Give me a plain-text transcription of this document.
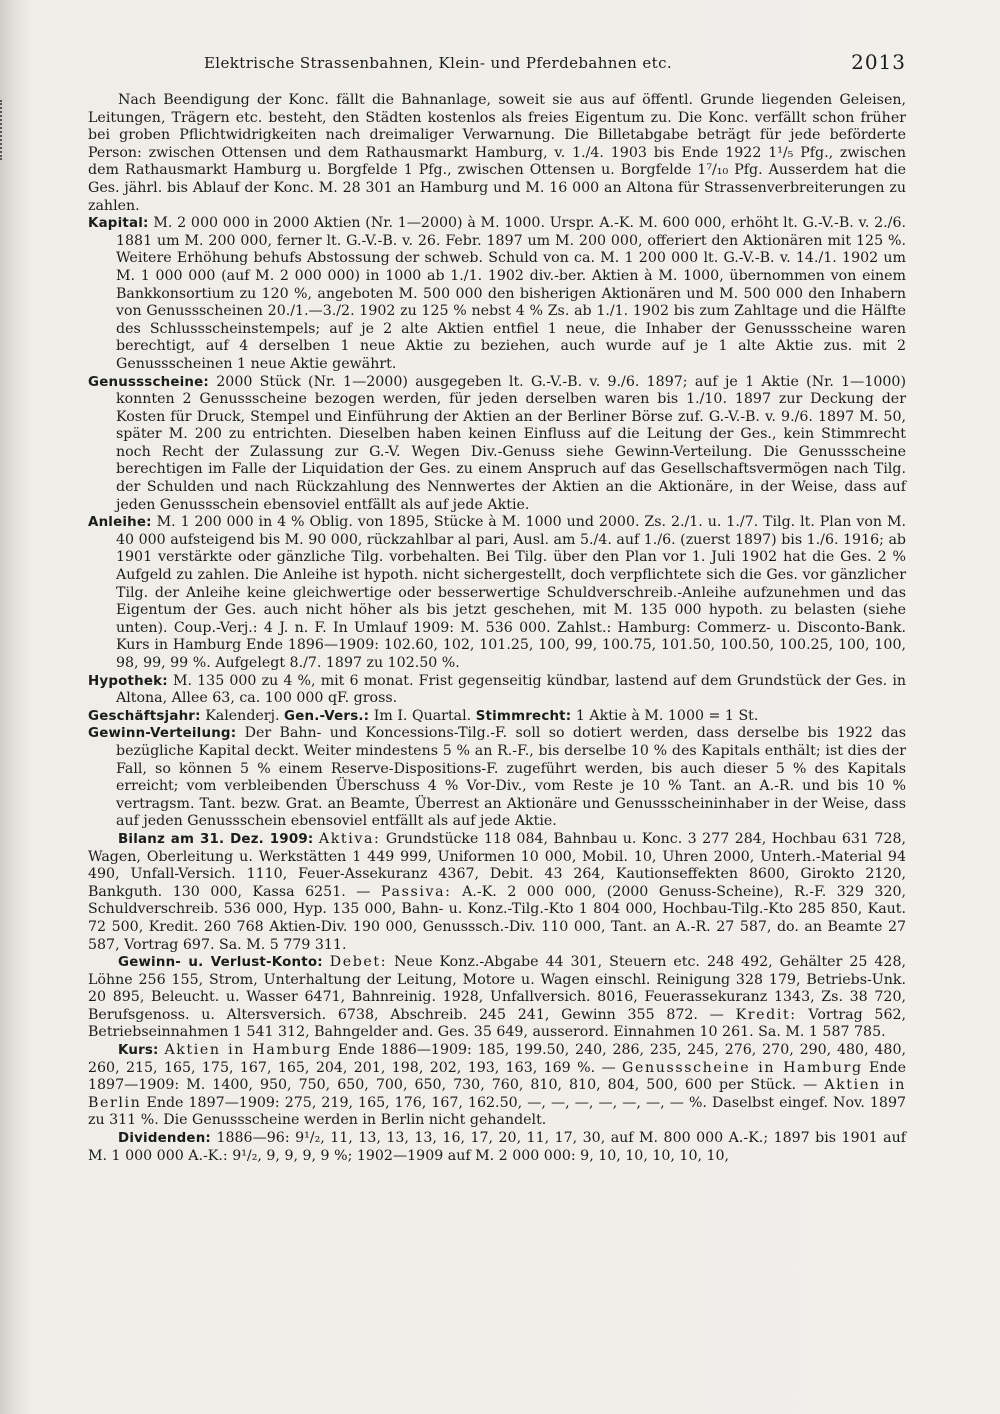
Elektrische Strassenbahnen, Klein- und Pferdebahnen etc.	2013

Nach Beendigung der Konc. fällt die Bahnanlage, soweit sie aus auf öffentl. Grunde liegenden Geleisen, Leitungen, Trägern etc. besteht, den Städten kostenlos als freies Eigentum zu. Die Konc. verfällt schon früher bei groben Pflichtwidrigkeiten nach dreimaliger Verwarnung. Die Billetabgabe beträgt für jede beförderte Person: zwischen Ottensen und dem Rathausmarkt Hamburg, v. 1./4. 1903 bis Ende 1922 1¹/₅ Pfg., zwischen dem Rathausmarkt Hamburg u. Borgfelde 1 Pfg., zwischen Ottensen u. Borgfelde 1⁷/₁₀ Pfg. Ausserdem hat die Ges. jährl. bis Ablauf der Konc. M. 28 301 an Hamburg und M. 16 000 an Altona für Strassenverbreiterungen zu zahlen.

Kapital: M. 2 000 000 in 2000 Aktien (Nr. 1—2000) à M. 1000. Urspr. A.-K. M. 600 000, erhöht lt. G.-V.-B. v. 2./6. 1881 um M. 200 000, ferner lt. G.-V.-B. v. 26. Febr. 1897 um M. 200 000, offeriert den Aktionären mit 125 %. Weitere Erhöhung behufs Abstossung der schweb. Schuld von ca. M. 1 200 000 lt. G.-V.-B. v. 14./1. 1902 um M. 1 000 000 (auf M. 2 000 000) in 1000 ab 1./1. 1902 div.-ber. Aktien à M. 1000, übernommen von einem Bankkonsortium zu 120 %, angeboten M. 500 000 den bisherigen Aktionären und M. 500 000 den Inhabern von Genussscheinen 20./1.—3./2. 1902 zu 125 % nebst 4 % Zs. ab 1./1. 1902 bis zum Zahltage und die Hälfte des Schlussscheinstempels; auf je 2 alte Aktien entfiel 1 neue, die Inhaber der Genussscheine waren berechtigt, auf 4 derselben 1 neue Aktie zu beziehen, auch wurde auf je 1 alte Aktie zus. mit 2 Genussscheinen 1 neue Aktie gewährt.

Genussscheine: 2000 Stück (Nr. 1—2000) ausgegeben lt. G.-V.-B. v. 9./6. 1897; auf je 1 Aktie (Nr. 1—1000) konnten 2 Genussscheine bezogen werden, für jeden derselben waren bis 1./10. 1897 zur Deckung der Kosten für Druck, Stempel und Einführung der Aktien an der Berliner Börse zuf. G.-V.-B. v. 9./6. 1897 M. 50, später M. 200 zu entrichten. Dieselben haben keinen Einfluss auf die Leitung der Ges., kein Stimmrecht noch Recht der Zulassung zur G.-V. Wegen Div.-Genuss siehe Gewinn-Verteilung. Die Genussscheine berechtigen im Falle der Liquidation der Ges. zu einem Anspruch auf das Gesellschaftsvermögen nach Tilg. der Schulden und nach Rückzahlung des Nennwertes der Aktien an die Aktionäre, in der Weise, dass auf jeden Genussschein ebensoviel entfällt als auf jede Aktie.

Anleihe: M. 1 200 000 in 4 % Oblig. von 1895, Stücke à M. 1000 und 2000. Zs. 2./1. u. 1./7. Tilg. lt. Plan von M. 40 000 aufsteigend bis M. 90 000, rückzahlbar al pari, Ausl. am 5./4. auf 1./6. (zuerst 1897) bis 1./6. 1916; ab 1901 verstärkte oder gänzliche Tilg. vorbehalten. Bei Tilg. über den Plan vor 1. Juli 1902 hat die Ges. 2 % Aufgeld zu zahlen. Die Anleihe ist hypoth. nicht sichergestellt, doch verpflichtete sich die Ges. vor gänzlicher Tilg. der Anleihe keine gleichwertige oder besserwertige Schuldverschreib.-Anleihe aufzunehmen und das Eigentum der Ges. auch nicht höher als bis jetzt geschehen, mit M. 135 000 hypoth. zu belasten (siehe unten). Coup.-Verj.: 4 J. n. F. In Umlauf 1909: M. 536 000. Zahlst.: Hamburg: Commerz- u. Disconto-Bank. Kurs in Hamburg Ende 1896—1909: 102.60, 102, 101.25, 100, 99, 100.75, 101.50, 100.50, 100.25, 100, 100, 98, 99, 99 %. Aufgelegt 8./7. 1897 zu 102.50 %.

Hypothek: M. 135 000 zu 4 %, mit 6 monat. Frist gegenseitig kündbar, lastend auf dem Grundstück der Ges. in Altona, Allee 63, ca. 100 000 qF. gross.

Geschäftsjahr: Kalenderj. Gen.-Vers.: Im I. Quartal. Stimmrecht: 1 Aktie à M. 1000 = 1 St.

Gewinn-Verteilung: Der Bahn- und Koncessions-Tilg.-F. soll so dotiert werden, dass derselbe bis 1922 das bezügliche Kapital deckt. Weiter mindestens 5 % an R.-F., bis derselbe 10 % des Kapitals enthält; ist dies der Fall, so können 5 % einem Reserve-Dispositions-F. zugeführt werden, bis auch dieser 5 % des Kapitals erreicht; vom verbleibenden Überschuss 4 % Vor-Div., vom Reste je 10 % Tant. an A.-R. und bis 10 % vertragsm. Tant. bezw. Grat. an Beamte, Überrest an Aktionäre und Genussscheininhaber in der Weise, dass auf jeden Genussschein ebensoviel entfällt als auf jede Aktie.

Bilanz am 31. Dez. 1909: Aktiva: Grundstücke 118 084, Bahnbau u. Konc. 3 277 284, Hochbau 631 728, Wagen, Oberleitung u. Werkstätten 1 449 999, Uniformen 10 000, Mobil. 10, Uhren 2000, Unterh.-Material 94 490, Unfall-Versich. 1110, Feuer-Assekuranz 4367, Debit. 43 264, Kautionseffekten 8600, Girokto 2120, Bankguth. 130 000, Kassa 6251. — Passiva: A.-K. 2 000 000, (2000 Genuss-Scheine), R.-F. 329 320, Schuldverschreib. 536 000, Hyp. 135 000, Bahn- u. Konz.-Tilg.-Kto 1 804 000, Hochbau-Tilg.-Kto 285 850, Kaut. 72 500, Kredit. 260 768 Aktien-Div. 190 000, Genusssch.-Div. 110 000, Tant. an A.-R. 27 587, do. an Beamte 27 587, Vortrag 697. Sa. M. 5 779 311.

Gewinn- u. Verlust-Konto: Debet: Neue Konz.-Abgabe 44 301, Steuern etc. 248 492, Gehälter 25 428, Löhne 256 155, Strom, Unterhaltung der Leitung, Motore u. Wagen einschl. Reinigung 328 179, Betriebs-Unk. 20 895, Beleucht. u. Wasser 6471, Bahnreinig. 1928, Unfallversich. 8016, Feuerassekuranz 1343, Zs. 38 720, Berufsgenoss. u. Altersversich. 6738, Abschreib. 245 241, Gewinn 355 872. — Kredit: Vortrag 562, Betriebseinnahmen 1 541 312, Bahngelder and. Ges. 35 649, ausserord. Einnahmen 10 261. Sa. M. 1 587 785.

Kurs: Aktien in Hamburg Ende 1886—1909: 185, 199.50, 240, 286, 235, 245, 276, 270, 290, 480, 480, 260, 215, 165, 175, 167, 165, 204, 201, 198, 202, 193, 163, 169 %. — Genussscheine in Hamburg Ende 1897—1909: M. 1400, 950, 750, 650, 700, 650, 730, 760, 810, 810, 804, 500, 600 per Stück. — Aktien in Berlin Ende 1897—1909: 275, 219, 165, 176, 167, 162.50, —, —, —, —, —, —, — %. Daselbst eingef. Nov. 1897 zu 311 %. Die Genussscheine werden in Berlin nicht gehandelt.

Dividenden: 1886—96: 9¹/₂, 11, 13, 13, 13, 16, 17, 20, 11, 17, 30, auf M. 800 000 A.-K.; 1897 bis 1901 auf M. 1 000 000 A.-K.: 9¹/₂, 9, 9, 9, 9 %; 1902—1909 auf M. 2 000 000: 9, 10, 10, 10, 10, 10,
